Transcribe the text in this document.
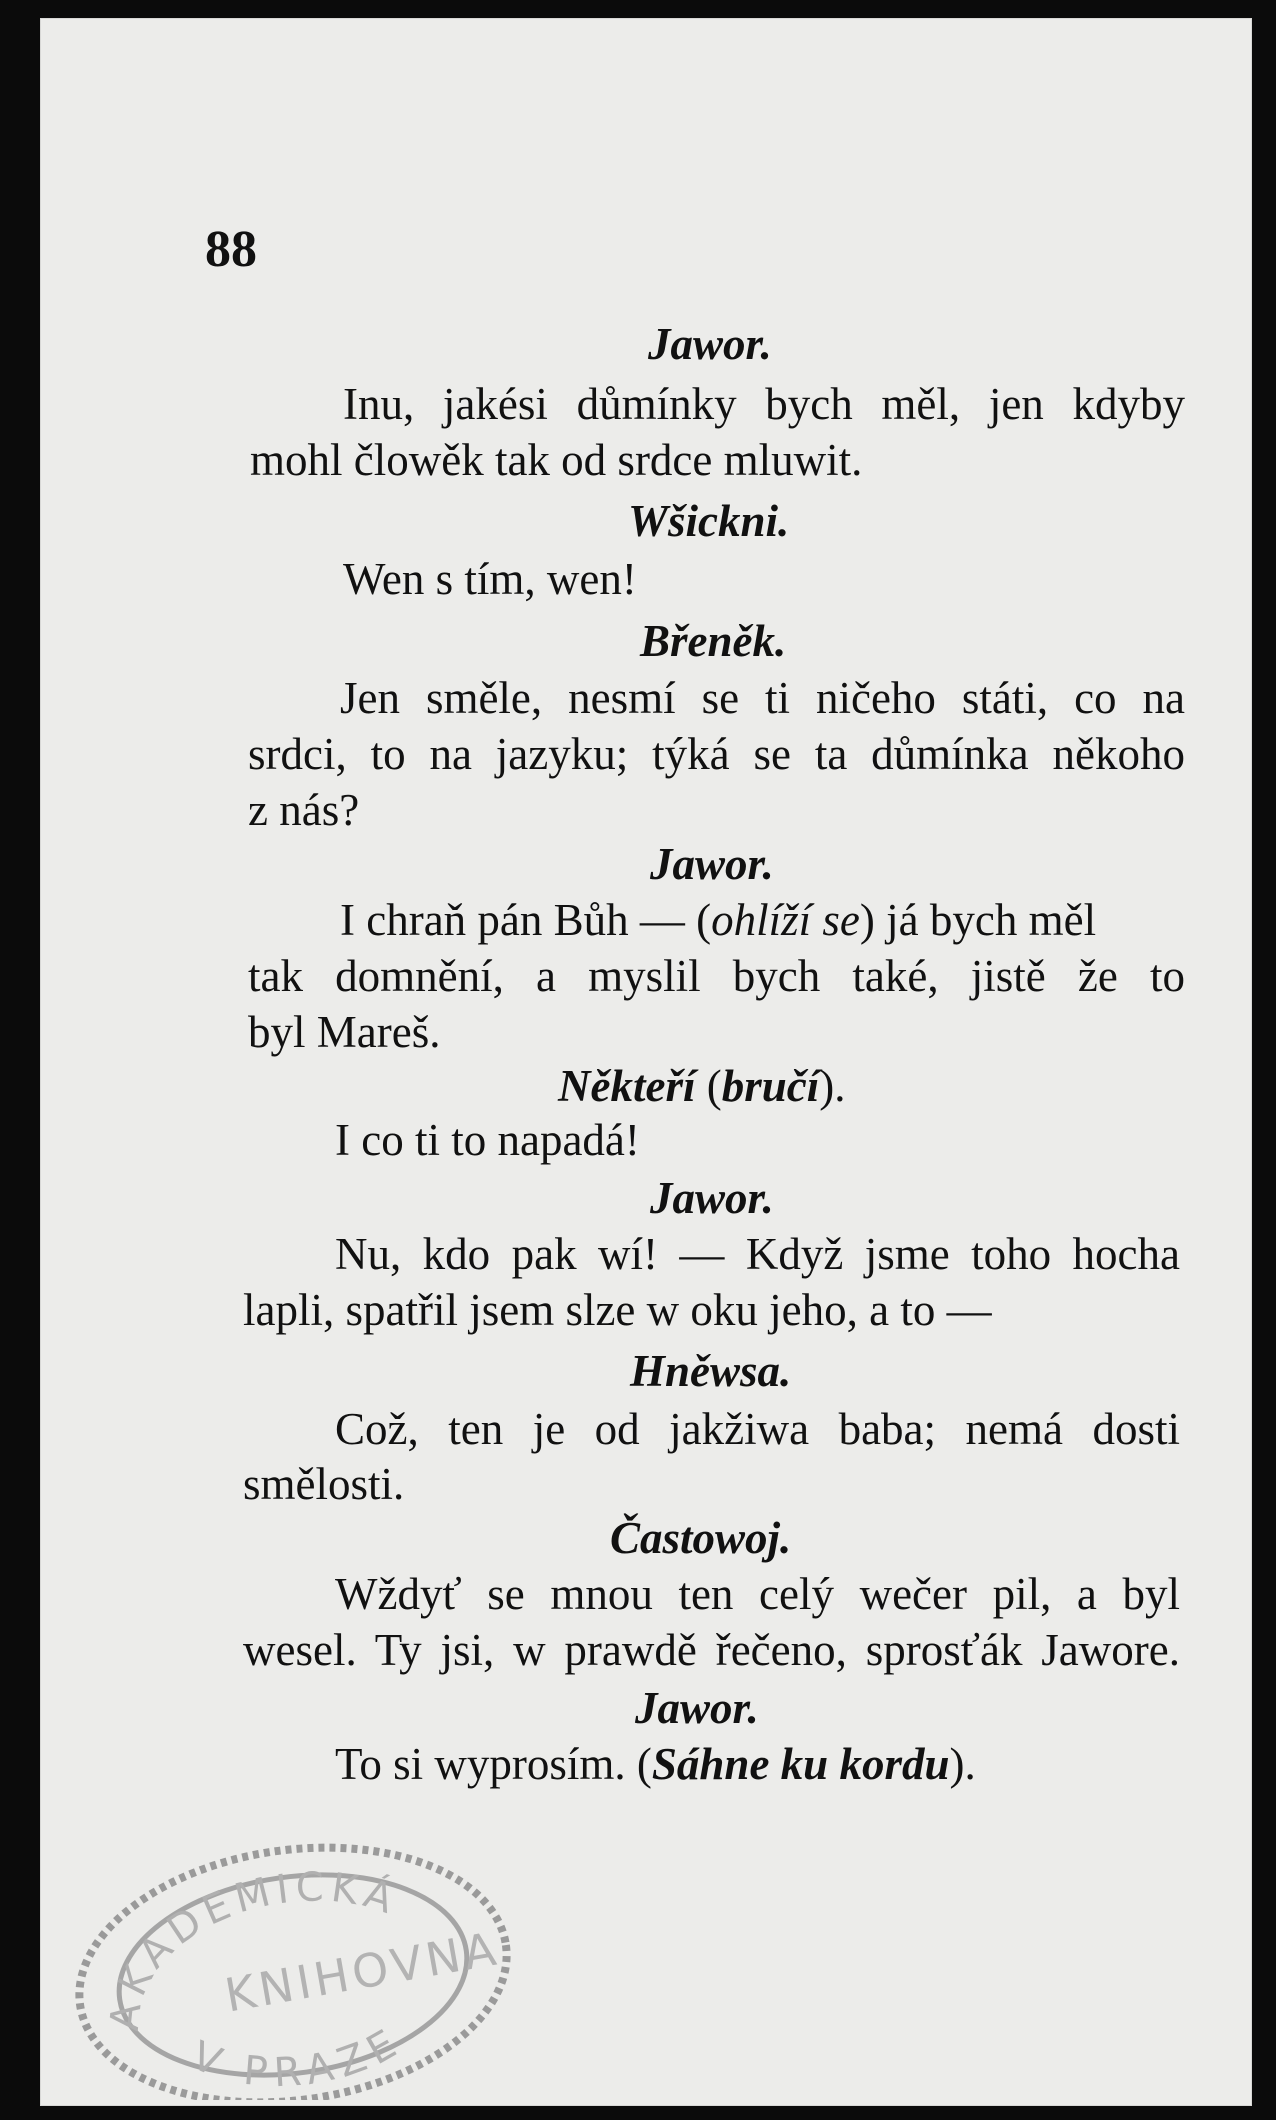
88
Jawor.
Inu, jakési důmínky bych měl, jen kdyby
mohl člowěk tak od srdce mluwit.
Wšickni.
Wen s tím, wen!
Břeněk.
Jen směle, nesmí se ti ničeho státi, co na
srdci, to na jazyku; týká se ta důmínka někoho
z nás?
Jawor.
I chraň pán Bůh — (ohlíží se) já bych měl
tak domnění, a myslil bych také, jistě že to
byl Mareš.
Někteří (bručí).
I co ti to napadá!
Jawor.
Nu, kdo pak wí! — Když jsme toho hocha
lapli, spatřil jsem slze w oku jeho, a to —
Hněwsa.
Což, ten je od jakžiwa baba; nemá dosti
smělosti.
Častowoj.
Wždyť se mnou ten celý wečer pil, a byl
wesel. Ty jsi, w prawdě řečeno, sprosťák Jawore.
Jawor.
To si wyprosím. (Sáhne ku kordu).
AKADEMICKÁ
KNIHOVNA
V PRAZE
